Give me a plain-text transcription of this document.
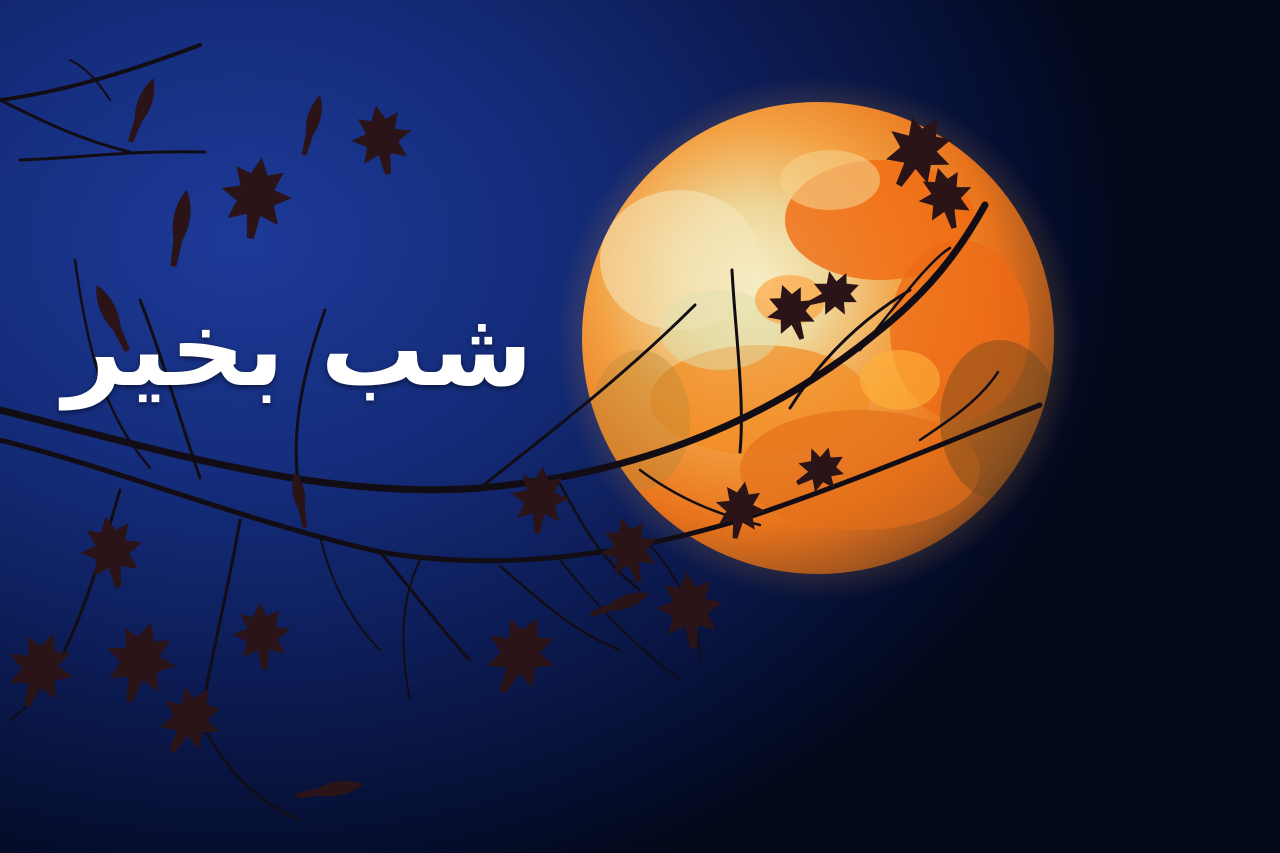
شب بخیر
